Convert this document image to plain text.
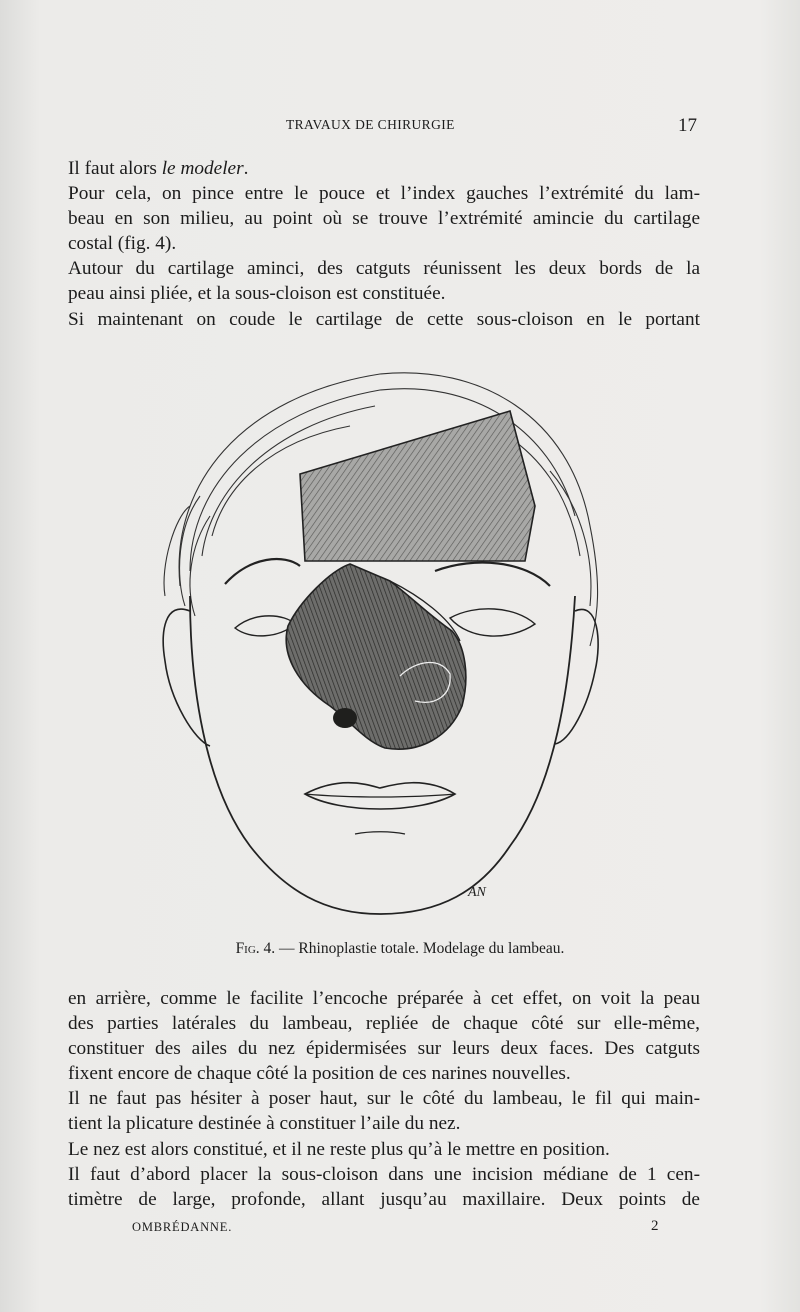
TRAVAUX DE CHIRURGIE	17
Il faut alors le modeler.
Pour cela, on pince entre le pouce et l’index gauches l’extrémité du lam-
beau en son milieu, au point où se trouve l’extrémité amincie du cartilage
costal (fig. 4).
Autour du cartilage aminci, des catguts réunissent les deux bords de la
peau ainsi pliée, et la sous-cloison est constituée.
Si maintenant on coude le cartilage de cette sous-cloison en le portant
AN
Fig. 4. — Rhinoplastie totale. Modelage du lambeau.
en arrière, comme le facilite l’encoche préparée à cet effet, on voit la peau
des parties latérales du lambeau, repliée de chaque côté sur elle-même,
constituer des ailes du nez épidermisées sur leurs deux faces. Des catguts
fixent encore de chaque côté la position de ces narines nouvelles.
Il ne faut pas hésiter à poser haut, sur le côté du lambeau, le fil qui main-
tient la plicature destinée à constituer l’aile du nez.
Le nez est alors constitué, et il ne reste plus qu’à le mettre en position.
Il faut d’abord placer la sous-cloison dans une incision médiane de 1 cen-
timètre de large, profonde, allant jusqu’au maxillaire. Deux points de
OMBRÉDANNE.	2
